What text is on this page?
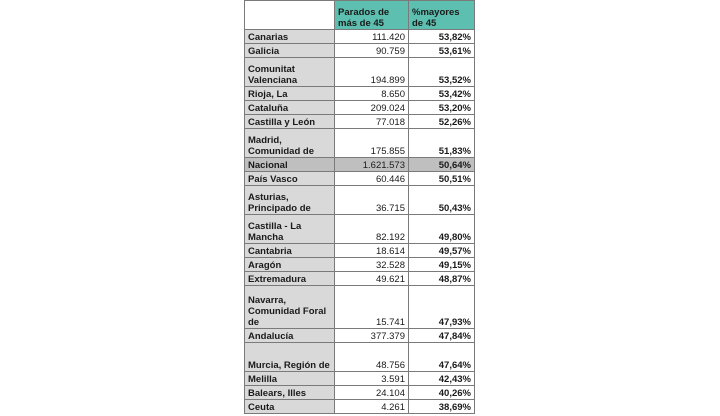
	Parados de más de 45	%mayores de 45
Canarias	111.420	53,82%
Galicia	90.759	53,61%
Comunitat Valenciana	194.899	53,52%
Rioja, La	8.650	53,42%
Cataluña	209.024	53,20%
Castilla y León	77.018	52,26%
Madrid, Comunidad de	175.855	51,83%
Nacional	1.621.573	50,64%
País Vasco	60.446	50,51%
Asturias, Principado de	36.715	50,43%
Castilla - La Mancha	82.192	49,80%
Cantabria	18.614	49,57%
Aragón	32.528	49,15%
Extremadura	49.621	48,87%
Navarra, Comunidad Foral de	15.741	47,93%
Andalucía	377.379	47,84%
Murcia, Región de	48.756	47,64%
Melilla	3.591	42,43%
Balears, Illes	24.104	40,26%
Ceuta	4.261	38,69%
